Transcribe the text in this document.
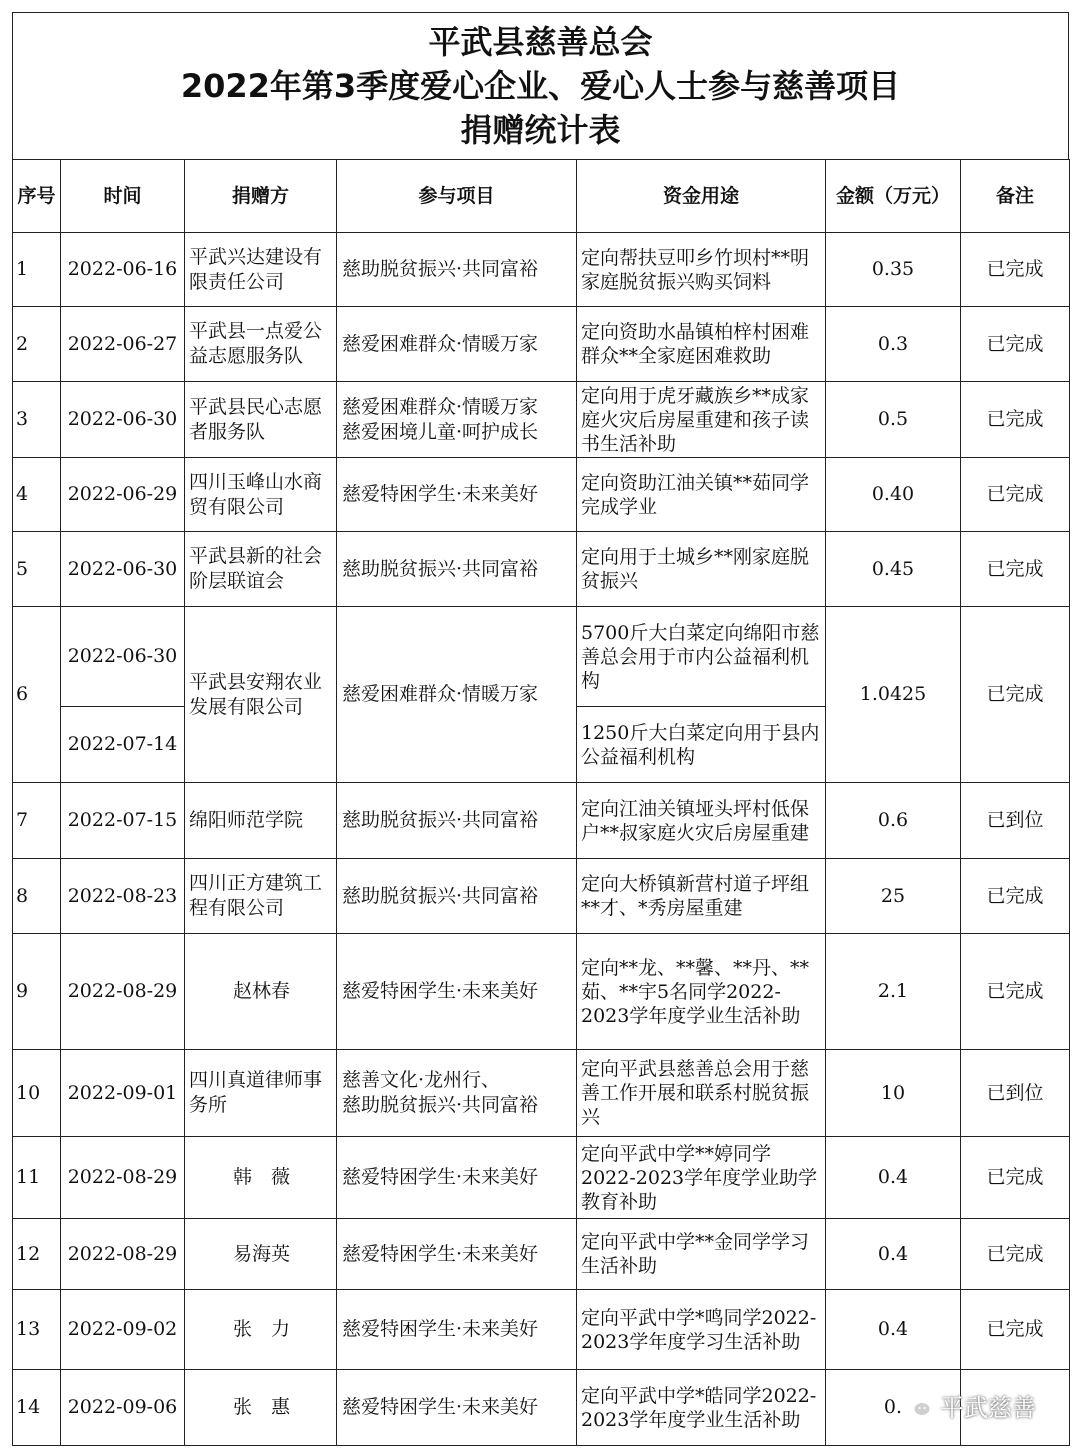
平武县慈善总会
2022年第3季度爱心企业、爱心人士参与慈善项目
捐赠统计表
序号	时间	捐赠方	参与项目	资金用途	金额（万元）	备注
1	2022-06-16	平武兴达建设有限责任公司	慈助脱贫振兴·共同富裕	定向帮扶豆叩乡竹坝村**明家庭脱贫振兴购买饲料	0.35	已完成
2	2022-06-27	平武县一点爱公益志愿服务队	慈爱困难群众·情暖万家	定向资助水晶镇柏梓村困难群众**全家庭困难救助	0.3	已完成
3	2022-06-30	平武县民心志愿者服务队	慈爱困难群众·情暖万家
慈爱困境儿童·呵护成长	定向用于虎牙藏族乡**成家庭火灾后房屋重建和孩子读书生活补助	0.5	已完成
4	2022-06-29	四川玉峰山水商贸有限公司	慈爱特困学生·未来美好	定向资助江油关镇**茹同学完成学业	0.40	已完成
5	2022-06-30	平武县新的社会阶层联谊会	慈助脱贫振兴·共同富裕	定向用于土城乡**刚家庭脱贫振兴	0.45	已完成
6	2022-06-30	平武县安翔农业发展有限公司	慈爱困难群众·情暖万家	5700斤大白菜定向绵阳市慈善总会用于市内公益福利机构	1.0425	已完成
	2022-07-14			1250斤大白菜定向用于县内公益福利机构		
7	2022-07-15	绵阳师范学院	慈助脱贫振兴·共同富裕	定向江油关镇垭头坪村低保户**叔家庭火灾后房屋重建	0.6	已到位
8	2022-08-23	四川正方建筑工程有限公司	慈助脱贫振兴·共同富裕	定向大桥镇新营村道子坪组**才、*秀房屋重建	25	已完成
9	2022-08-29	赵林春	慈爱特困学生·未来美好	定向**龙、**馨、**丹、**茹、**宇5名同学2022-2023学年度学业生活补助	2.1	已完成
10	2022-09-01	四川真道律师事务所	慈善文化·龙州行、
慈助脱贫振兴·共同富裕	定向平武县慈善总会用于慈善工作开展和联系村脱贫振兴	10	已到位
11	2022-08-29	韩　薇	慈爱特困学生·未来美好	定向平武中学**婷同学2022-2023学年度学业助学教育补助	0.4	已完成
12	2022-08-29	易海英	慈爱特困学生·未来美好	定向平武中学**金同学学习生活补助	0.4	已完成
13	2022-09-02	张　力	慈爱特困学生·未来美好	定向平武中学*鸣同学2022-2023学年度学习生活补助	0.4	已完成
14	2022-09-06	张　惠	慈爱特困学生·未来美好	定向平武中学*皓同学2022-2023学年度学业生活补助	0.	平武慈善
